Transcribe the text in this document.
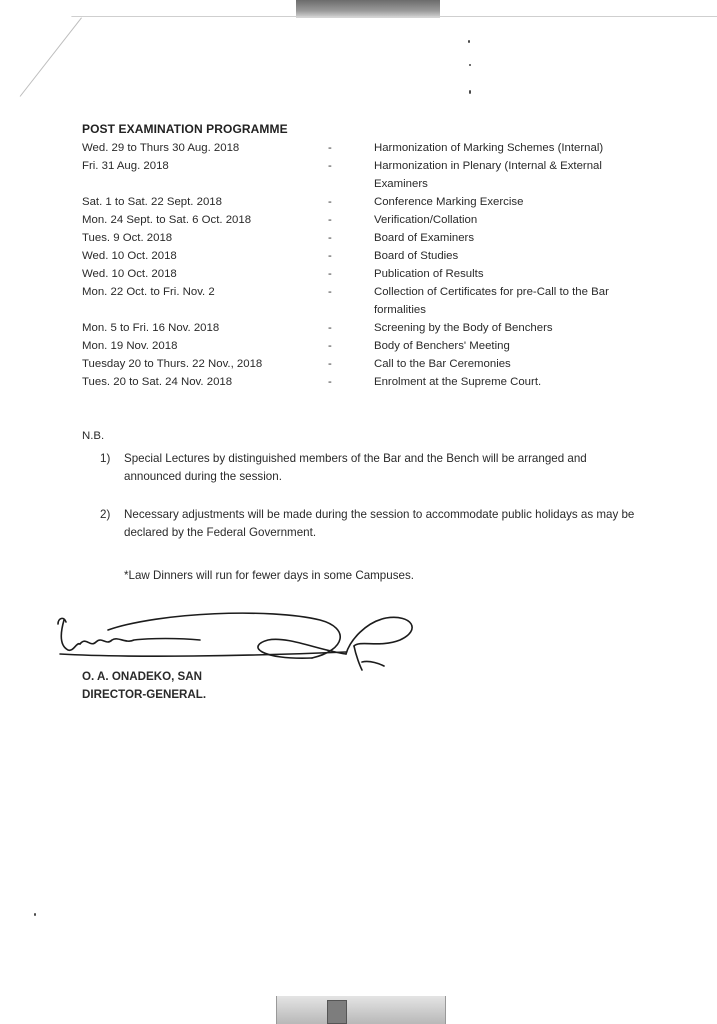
POST EXAMINATION PROGRAMME
Wed. 29 to Thurs 30 Aug. 2018	-	Harmonization of Marking Schemes (Internal)
Fri. 31 Aug. 2018	-	Harmonization in Plenary (Internal & External Examiners
Sat. 1 to Sat. 22 Sept. 2018	-	Conference Marking Exercise
Mon. 24 Sept. to Sat. 6 Oct. 2018	-	Verification/Collation
Tues. 9 Oct. 2018	-	Board of Examiners
Wed. 10 Oct. 2018	-	Board of Studies
Wed. 10 Oct. 2018	-	Publication of Results
Mon. 22 Oct. to Fri. Nov. 2	-	Collection of Certificates for pre-Call to the Bar formalities
Mon. 5 to Fri. 16 Nov. 2018	-	Screening by the Body of Benchers
Mon. 19 Nov. 2018	-	Body of Benchers' Meeting
Tuesday 20 to Thurs. 22 Nov., 2018	-	Call to the Bar Ceremonies
Tues. 20 to Sat. 24 Nov. 2018	-	Enrolment at the Supreme Court.
N.B.
1)	Special Lectures by distinguished members of the Bar and the Bench will be arranged and announced during the session.
2)	Necessary adjustments will be made during the session to accommodate public holidays as may be declared by the Federal Government.
*Law Dinners will run for fewer days in some Campuses.
O. A. ONADEKO, SAN
DIRECTOR-GENERAL.
